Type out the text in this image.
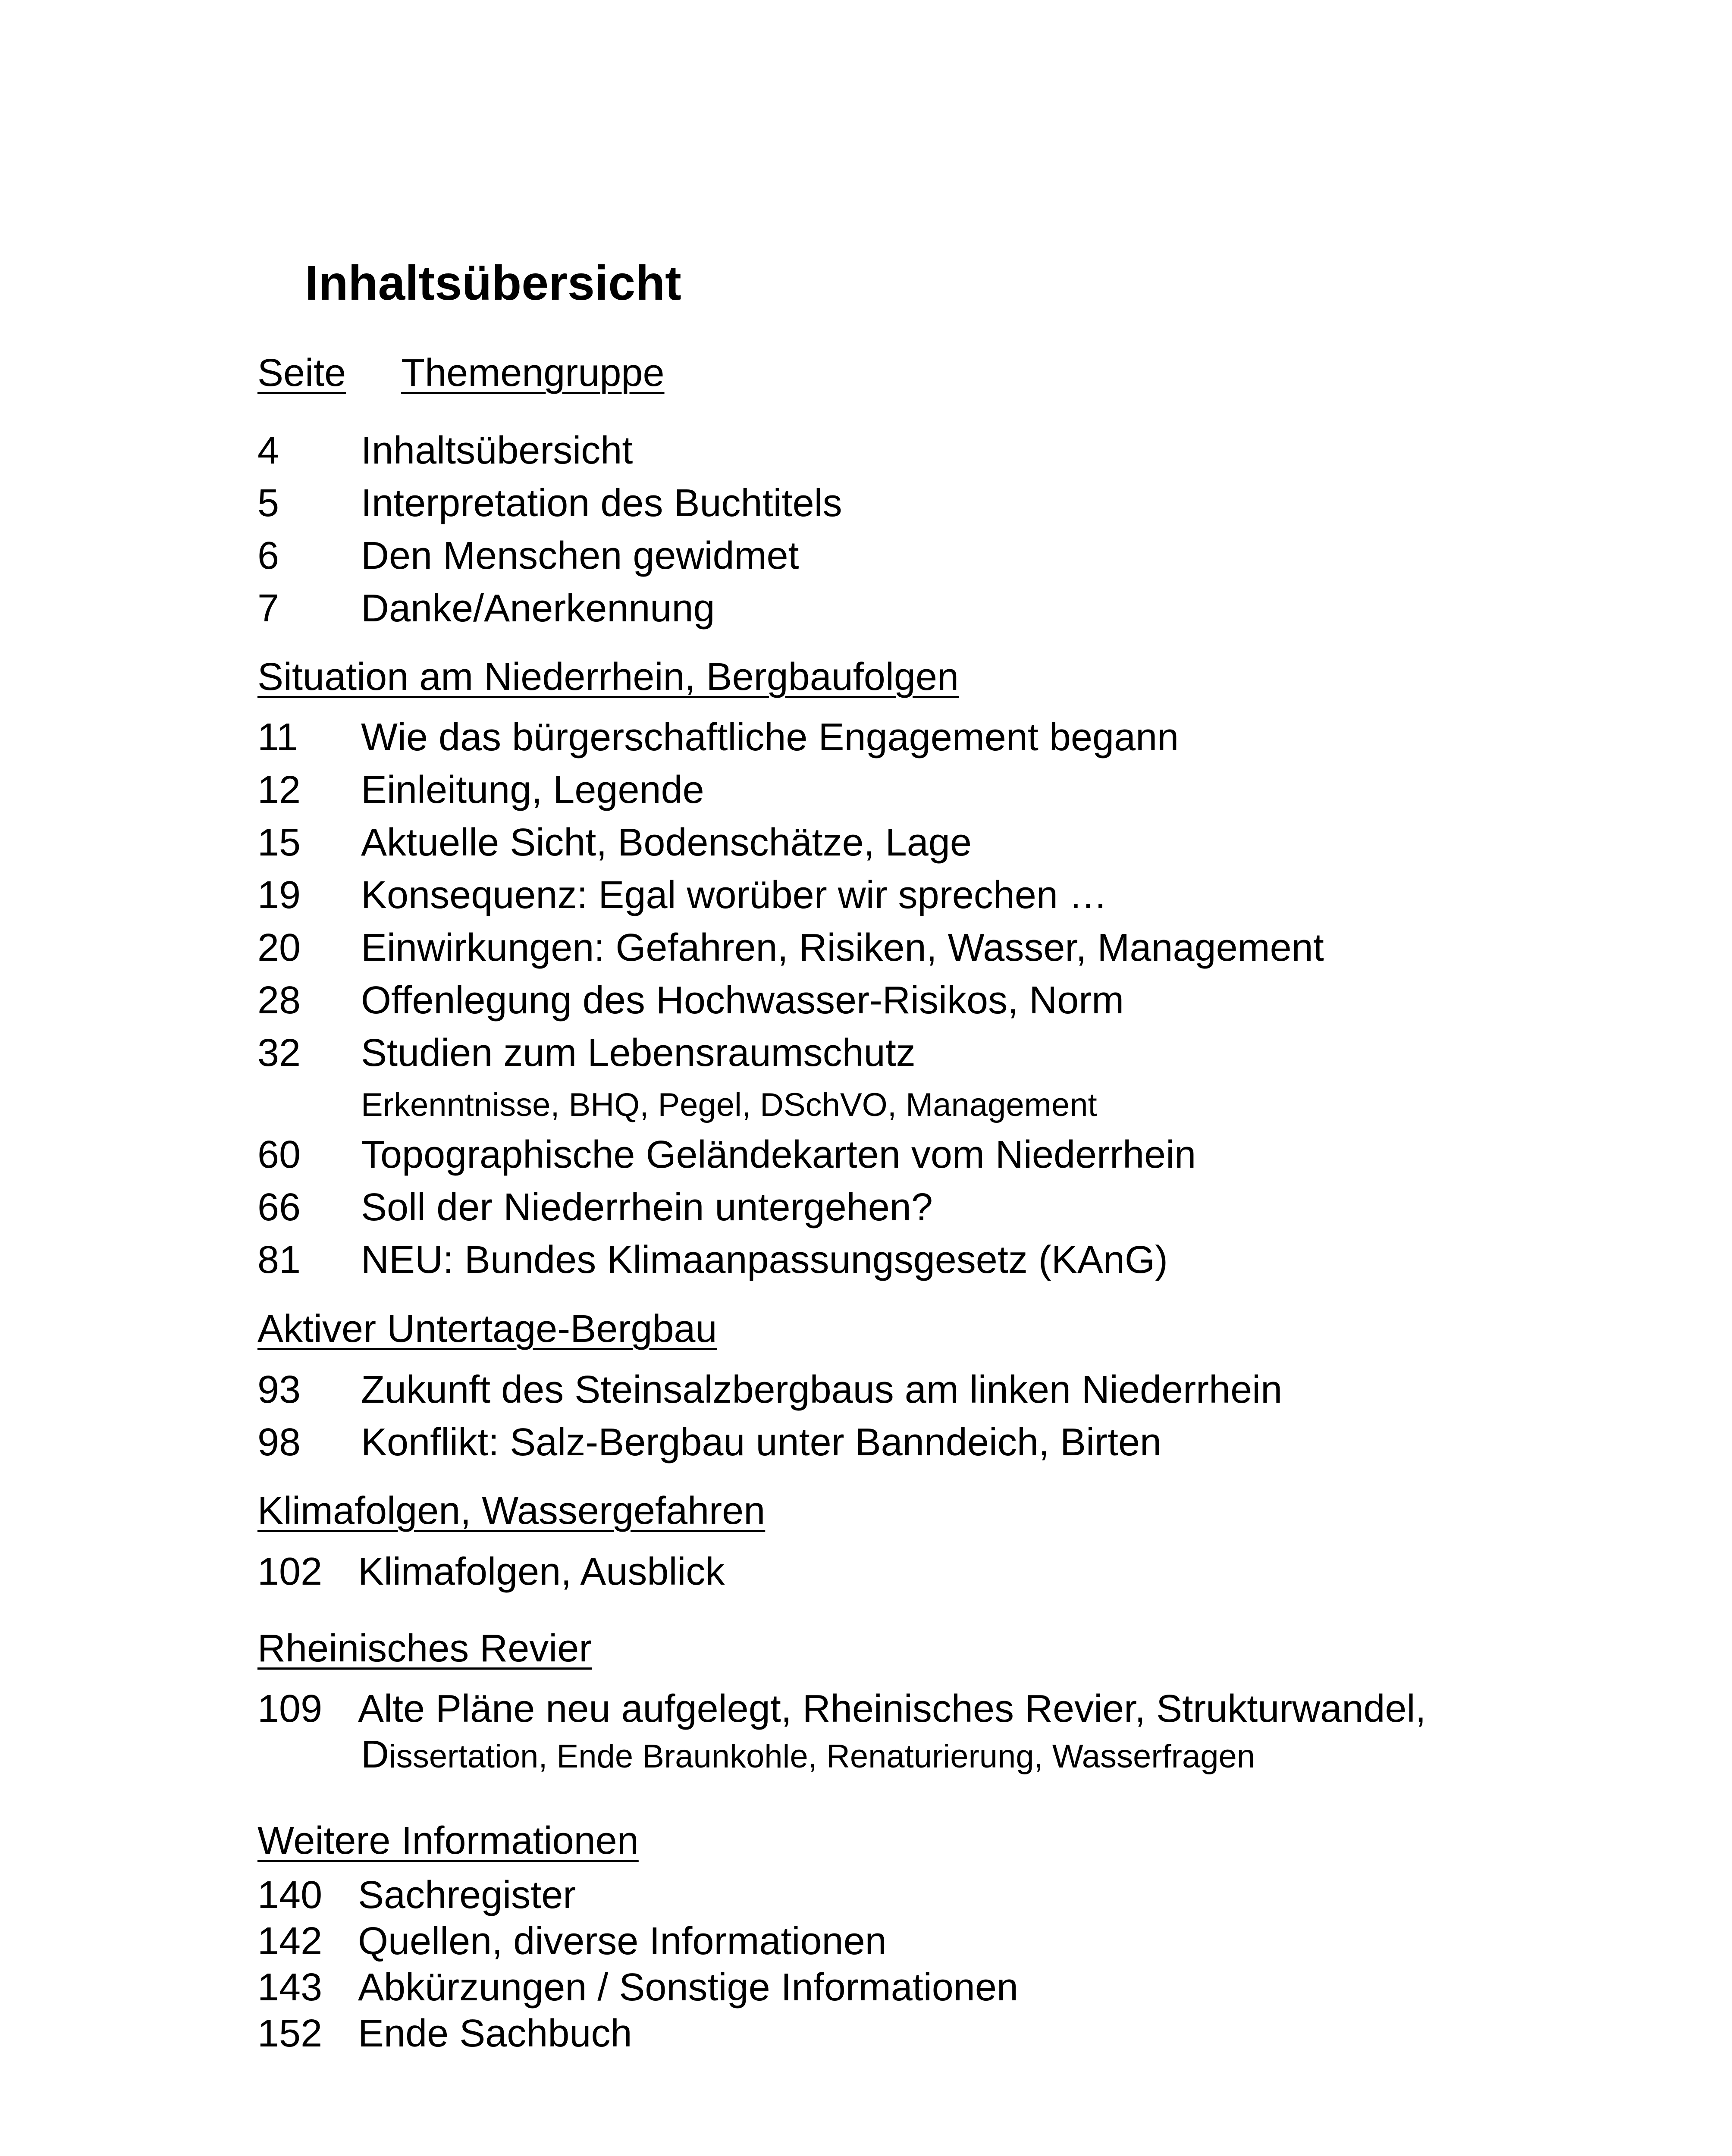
Inhaltsübersicht
Seite Themengruppe
4 Inhaltsübersicht
5 Interpretation des Buchtitels
6 Den Menschen gewidmet
7 Danke/Anerkennung
Situation am Niederrhein, Bergbaufolgen
11 Wie das bürgerschaftliche Engagement begann
12 Einleitung, Legende
15 Aktuelle Sicht, Bodenschätze, Lage
19 Konsequenz: Egal worüber wir sprechen …
20 Einwirkungen: Gefahren, Risiken, Wasser, Management
28 Offenlegung des Hochwasser-Risikos, Norm
32 Studien zum Lebensraumschutz
Erkenntnisse, BHQ, Pegel, DSchVO, Management
60 Topographische Geländekarten vom Niederrhein
66 Soll der Niederrhein untergehen?
81 NEU: Bundes Klimaanpassungsgesetz (KAnG)
Aktiver Untertage-Bergbau
93 Zukunft des Steinsalzbergbaus am linken Niederrhein
98 Konflikt: Salz-Bergbau unter Banndeich, Birten
Klimafolgen, Wassergefahren
102 Klimafolgen, Ausblick
Rheinisches Revier
109 Alte Pläne neu aufgelegt, Rheinisches Revier, Strukturwandel,
Dissertation, Ende Braunkohle, Renaturierung, Wasserfragen
Weitere Informationen
140 Sachregister
142 Quellen, diverse Informationen
143 Abkürzungen / Sonstige Informationen
152 Ende Sachbuch
